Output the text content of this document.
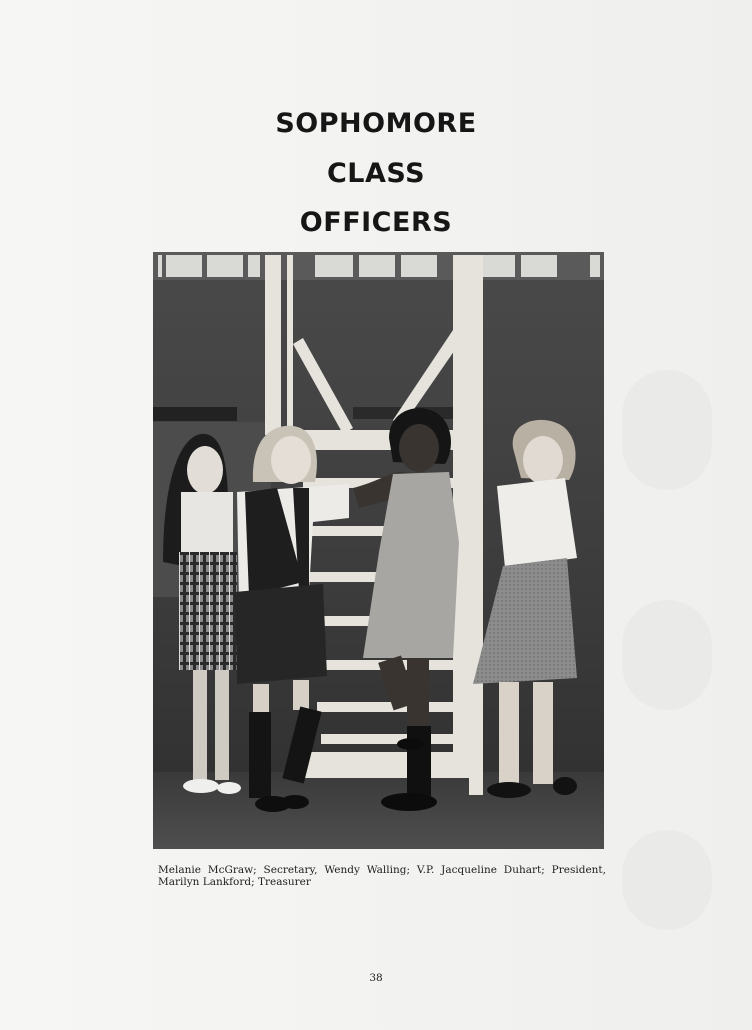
SOPHOMORE
CLASS
OFFICERS
Melanie McGraw; Secretary, Wendy Walling; V.P. Jacqueline Duhart; President, Marilyn Lankford; Treasurer
38
